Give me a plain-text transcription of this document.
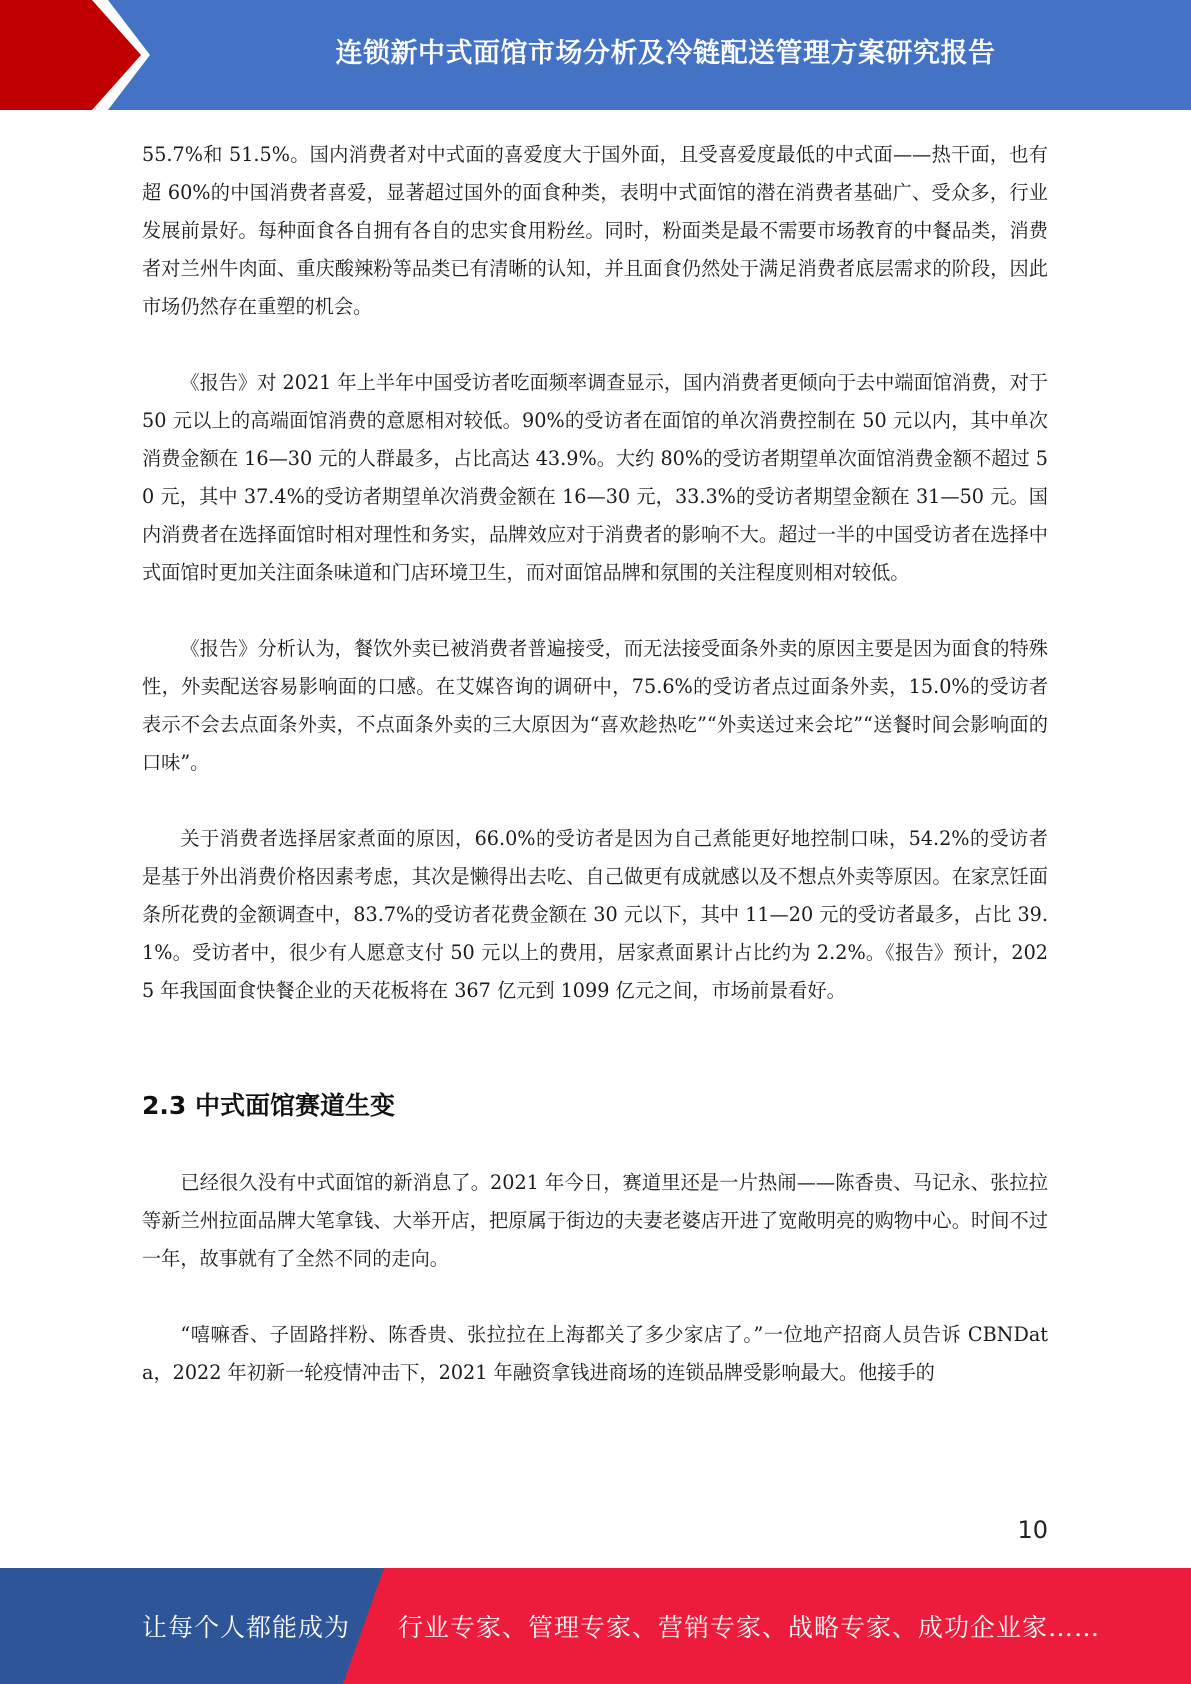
连锁新中式面馆市场分析及冷链配送管理方案研究报告

55.7%和 51.5%。国内消费者对中式面的喜爱度大于国外面，且受喜爱度最低的中式面——热干面，也有超 60%的中国消费者喜爱，显著超过国外的面食种类，表明中式面馆的潜在消费者基础广、受众多，行业发展前景好。每种面食各自拥有各自的忠实食用粉丝。同时，粉面类是最不需要市场教育的中餐品类，消费者对兰州牛肉面、重庆酸辣粉等品类已有清晰的认知，并且面食仍然处于满足消费者底层需求的阶段，因此市场仍然存在重塑的机会。

《报告》对 2021 年上半年中国受访者吃面频率调查显示，国内消费者更倾向于去中端面馆消费，对于 50 元以上的高端面馆消费的意愿相对较低。90%的受访者在面馆的单次消费控制在 50 元以内，其中单次消费金额在 16—30 元的人群最多，占比高达 43.9%。大约 80%的受访者期望单次面馆消费金额不超过 50 元，其中 37.4%的受访者期望单次消费金额在 16—30 元，33.3%的受访者期望金额在 31—50 元。国内消费者在选择面馆时相对理性和务实，品牌效应对于消费者的影响不大。超过一半的中国受访者在选择中式面馆时更加关注面条味道和门店环境卫生，而对面馆品牌和氛围的关注程度则相对较低。

《报告》分析认为，餐饮外卖已被消费者普遍接受，而无法接受面条外卖的原因主要是因为面食的特殊性，外卖配送容易影响面的口感。在艾媒咨询的调研中，75.6%的受访者点过面条外卖，15.0%的受访者表示不会去点面条外卖，不点面条外卖的三大原因为“喜欢趁热吃”“外卖送过来会坨”“送餐时间会影响面的口味”。

关于消费者选择居家煮面的原因，66.0%的受访者是因为自己煮能更好地控制口味，54.2%的受访者是基于外出消费价格因素考虑，其次是懒得出去吃、自己做更有成就感以及不想点外卖等原因。在家烹饪面条所花费的金额调查中，83.7%的受访者花费金额在 30 元以下，其中 11—20 元的受访者最多，占比 39.1%。受访者中，很少有人愿意支付 50 元以上的费用，居家煮面累计占比约为 2.2%。《报告》预计，2025 年我国面食快餐企业的天花板将在 367 亿元到 1099 亿元之间，市场前景看好。

2.3 中式面馆赛道生变

已经很久没有中式面馆的新消息了。2021 年今日，赛道里还是一片热闹——陈香贵、马记永、张拉拉等新兰州拉面品牌大笔拿钱、大举开店，把原属于街边的夫妻老婆店开进了宽敞明亮的购物中心。时间不过一年，故事就有了全然不同的走向。

“嘻嘛香、子固路拌粉、陈香贵、张拉拉在上海都关了多少家店了。”一位地产招商人员告诉 CBNData，2022 年初新一轮疫情冲击下，2021 年融资拿钱进商场的连锁品牌受影响最大。他接手的

10
让每个人都能成为 行业专家、管理专家、营销专家、战略专家、成功企业家……
